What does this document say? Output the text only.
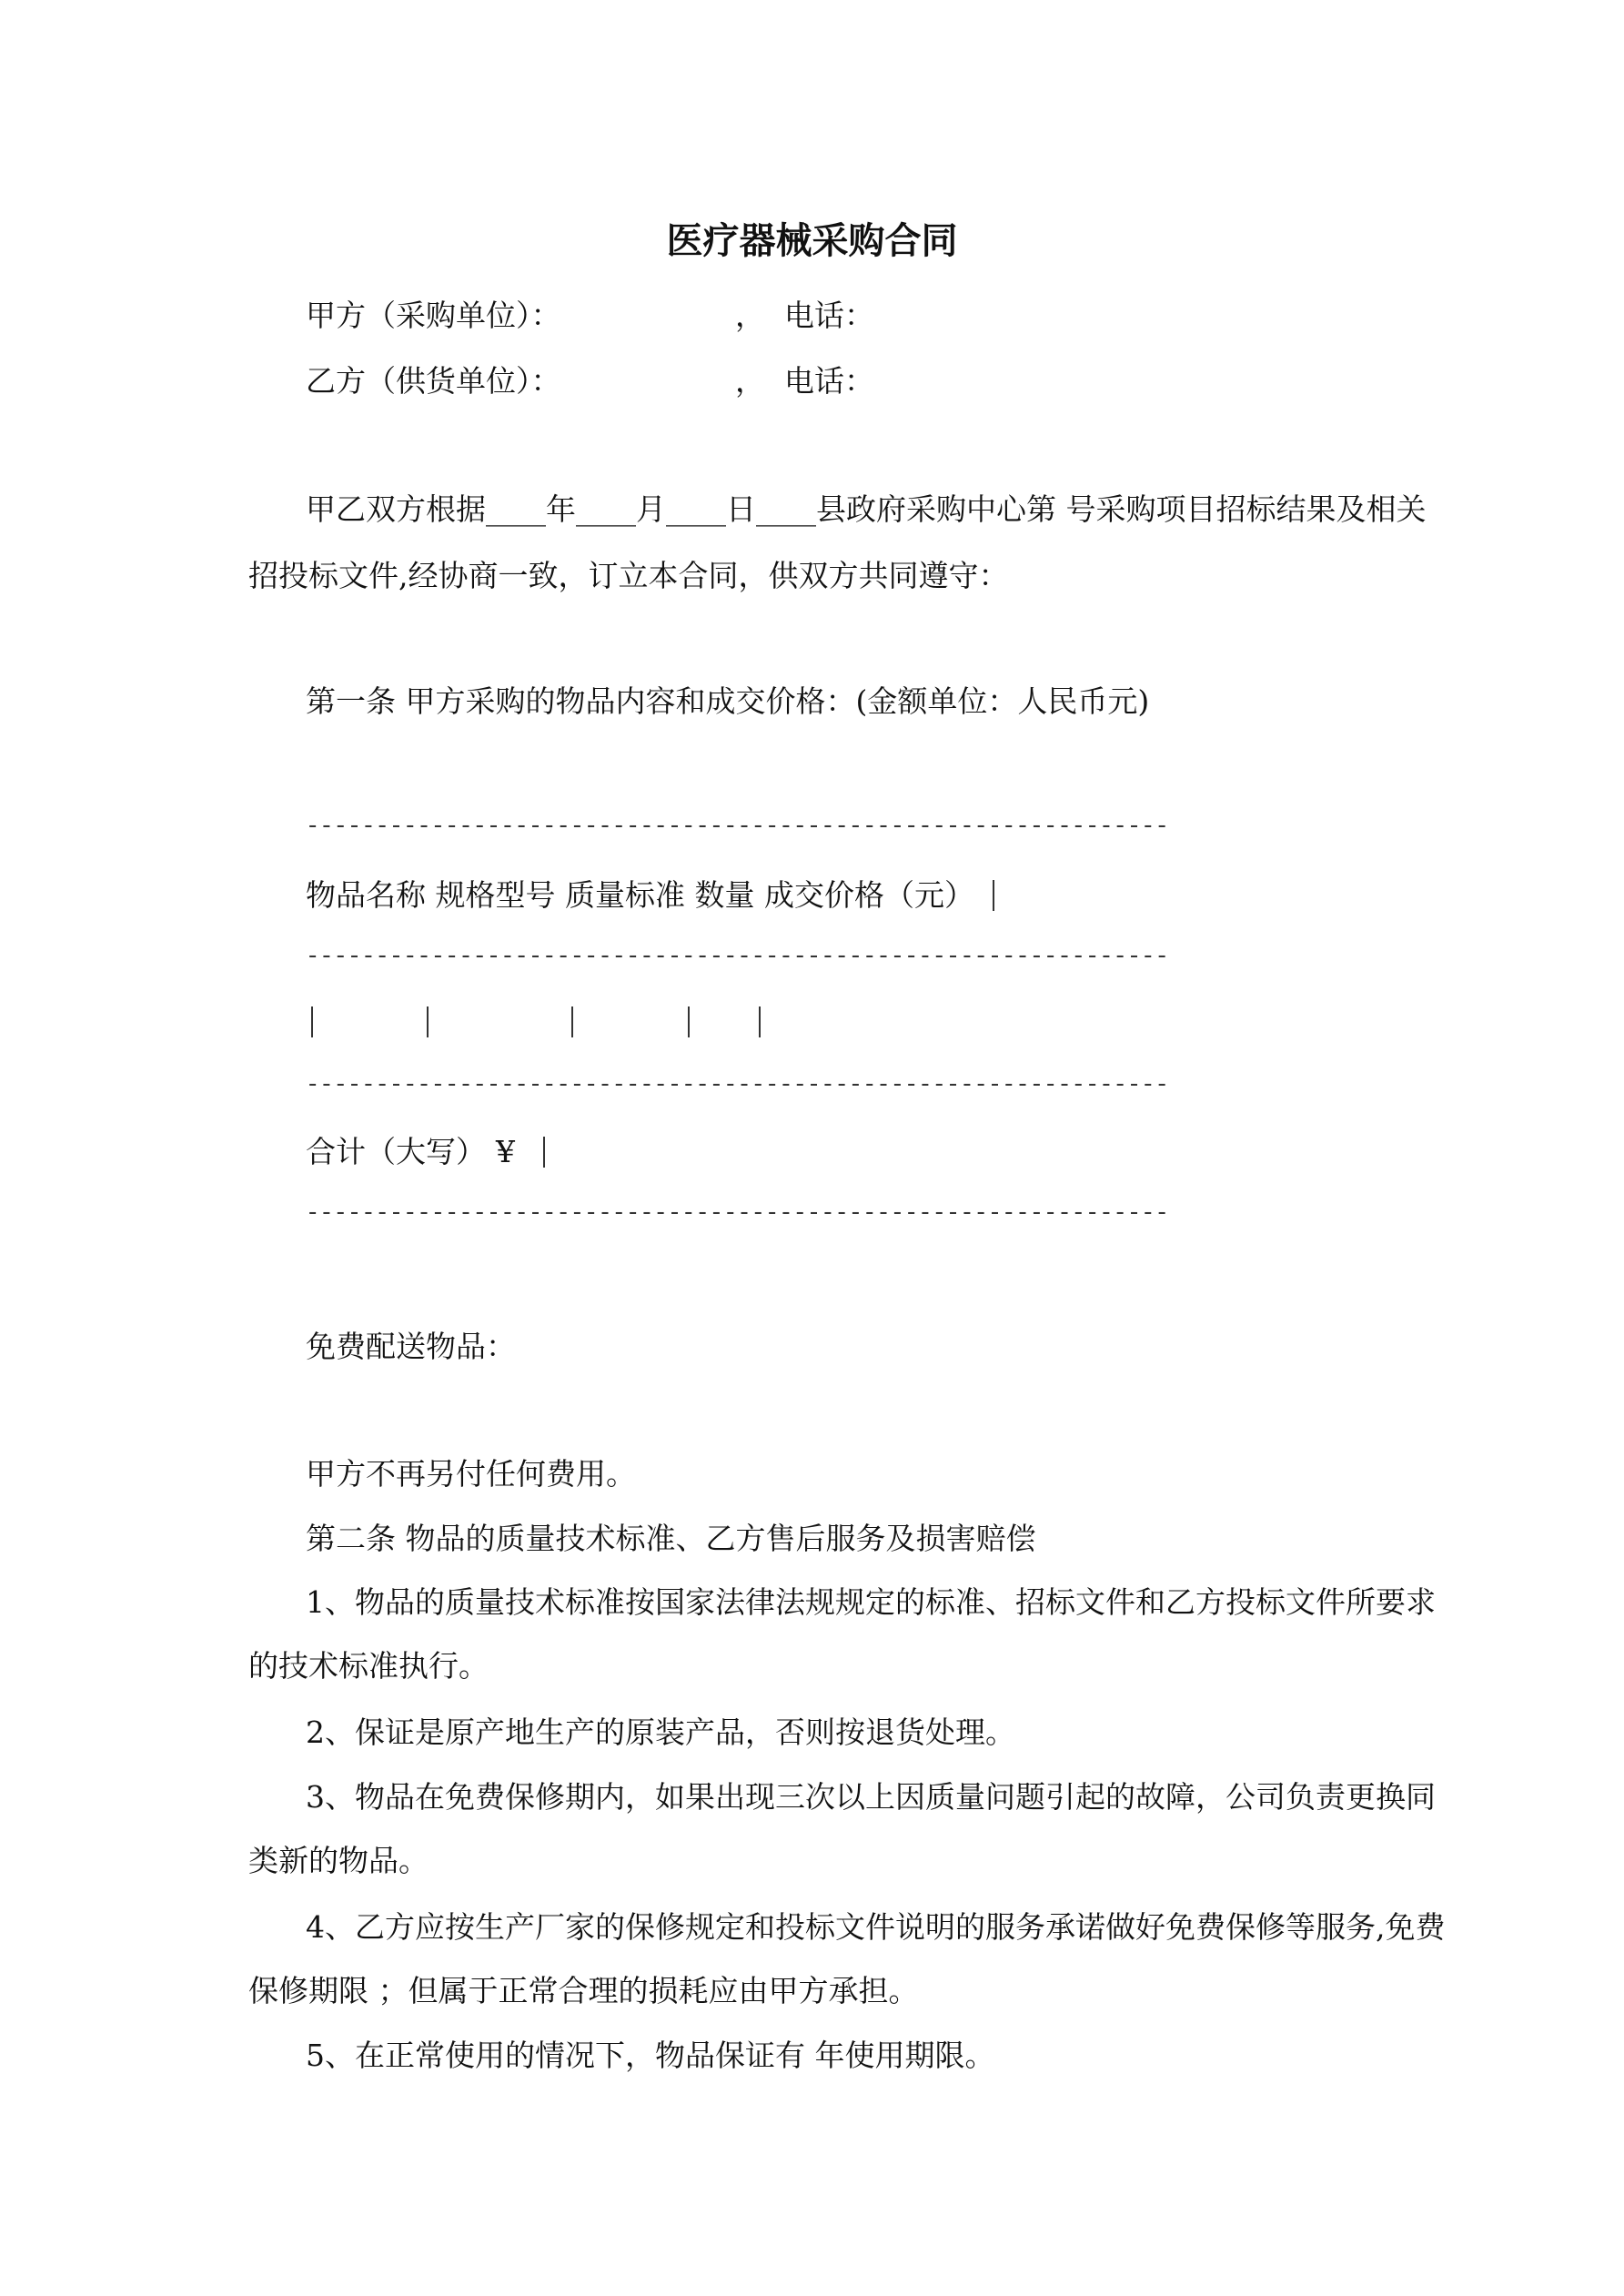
医疗器械采购合同
甲方（采购单位）：	， 电话：
乙方（供货单位）：	， 电话：
甲乙双方根据____年____月____日____县政府采购中心第 号采购项目招标结果及相关
招投标文件,经协商一致，订立本合同，供双方共同遵守：
第一条 甲方采购的物品内容和成交价格：(金额单位：人民币元)
--------------------------------------------------------------
物品名称 规格型号 质量标准 数量 成交价格（元）
--------------------------------------------------------------
--------------------------------------------------------------
合计（大写） ¥
--------------------------------------------------------------
免费配送物品：
甲方不再另付任何费用。
第二条 物品的质量技术标准、乙方售后服务及损害赔偿
1、物品的质量技术标准按国家法律法规规定的标准、招标文件和乙方投标文件所要求
的技术标准执行。
2、保证是原产地生产的原装产品，否则按退货处理。
3、物品在免费保修期内，如果出现三次以上因质量问题引起的故障，公司负责更换同
类新的物品。
4、乙方应按生产厂家的保修规定和投标文件说明的服务承诺做好免费保修等服务,免费
保修期限 ；但属于正常合理的损耗应由甲方承担。
5、在正常使用的情况下，物品保证有 年使用期限。
